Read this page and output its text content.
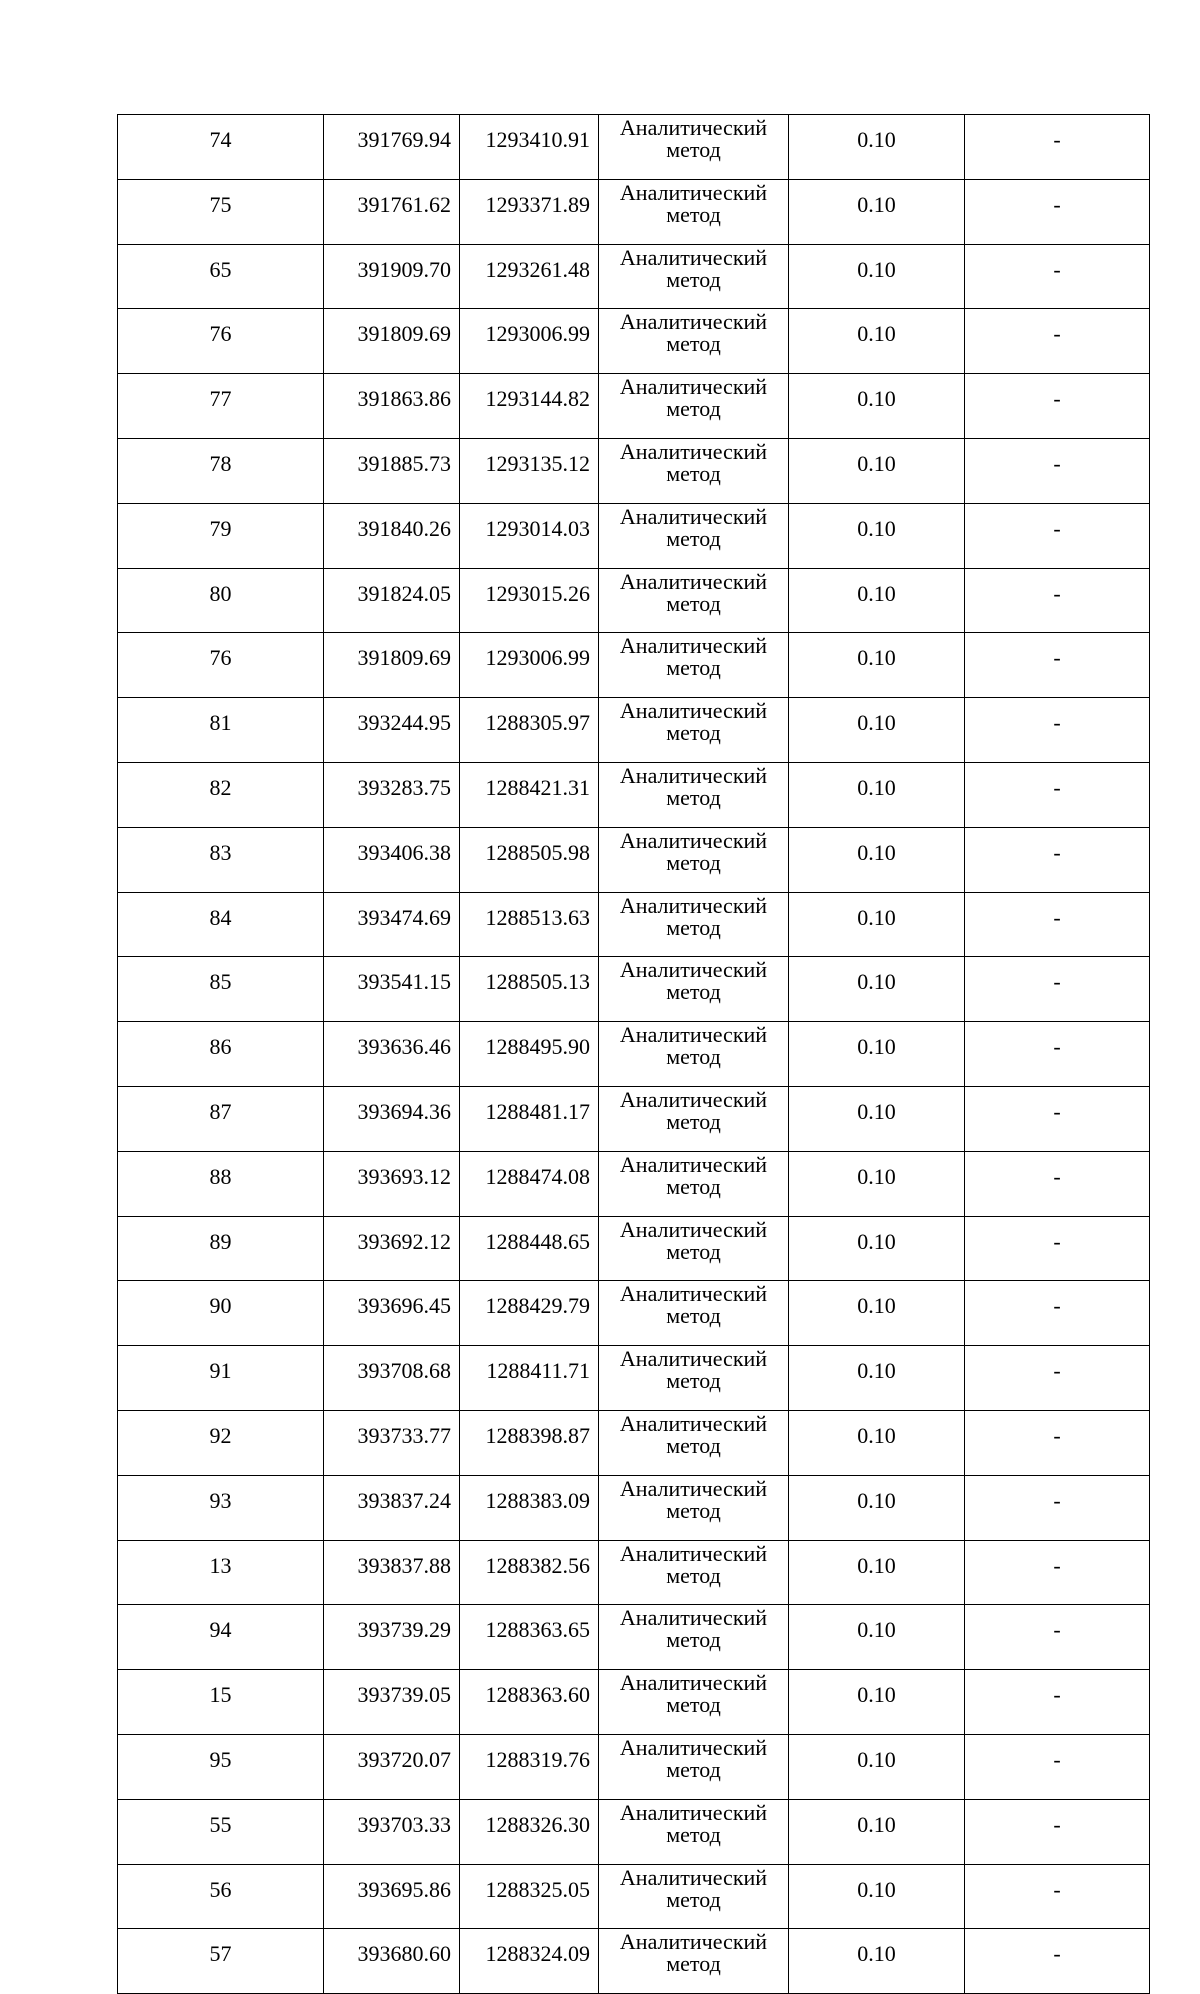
74	391769.94	1293410.91	Аналитический
метод	0.10	-
75	391761.62	1293371.89	Аналитический
метод	0.10	-
65	391909.70	1293261.48	Аналитический
метод	0.10	-
76	391809.69	1293006.99	Аналитический
метод	0.10	-
77	391863.86	1293144.82	Аналитический
метод	0.10	-
78	391885.73	1293135.12	Аналитический
метод	0.10	-
79	391840.26	1293014.03	Аналитический
метод	0.10	-
80	391824.05	1293015.26	Аналитический
метод	0.10	-
76	391809.69	1293006.99	Аналитический
метод	0.10	-
81	393244.95	1288305.97	Аналитический
метод	0.10	-
82	393283.75	1288421.31	Аналитический
метод	0.10	-
83	393406.38	1288505.98	Аналитический
метод	0.10	-
84	393474.69	1288513.63	Аналитический
метод	0.10	-
85	393541.15	1288505.13	Аналитический
метод	0.10	-
86	393636.46	1288495.90	Аналитический
метод	0.10	-
87	393694.36	1288481.17	Аналитический
метод	0.10	-
88	393693.12	1288474.08	Аналитический
метод	0.10	-
89	393692.12	1288448.65	Аналитический
метод	0.10	-
90	393696.45	1288429.79	Аналитический
метод	0.10	-
91	393708.68	1288411.71	Аналитический
метод	0.10	-
92	393733.77	1288398.87	Аналитический
метод	0.10	-
93	393837.24	1288383.09	Аналитический
метод	0.10	-
13	393837.88	1288382.56	Аналитический
метод	0.10	-
94	393739.29	1288363.65	Аналитический
метод	0.10	-
15	393739.05	1288363.60	Аналитический
метод	0.10	-
95	393720.07	1288319.76	Аналитический
метод	0.10	-
55	393703.33	1288326.30	Аналитический
метод	0.10	-
56	393695.86	1288325.05	Аналитический
метод	0.10	-
57	393680.60	1288324.09	Аналитический
метод	0.10	-
